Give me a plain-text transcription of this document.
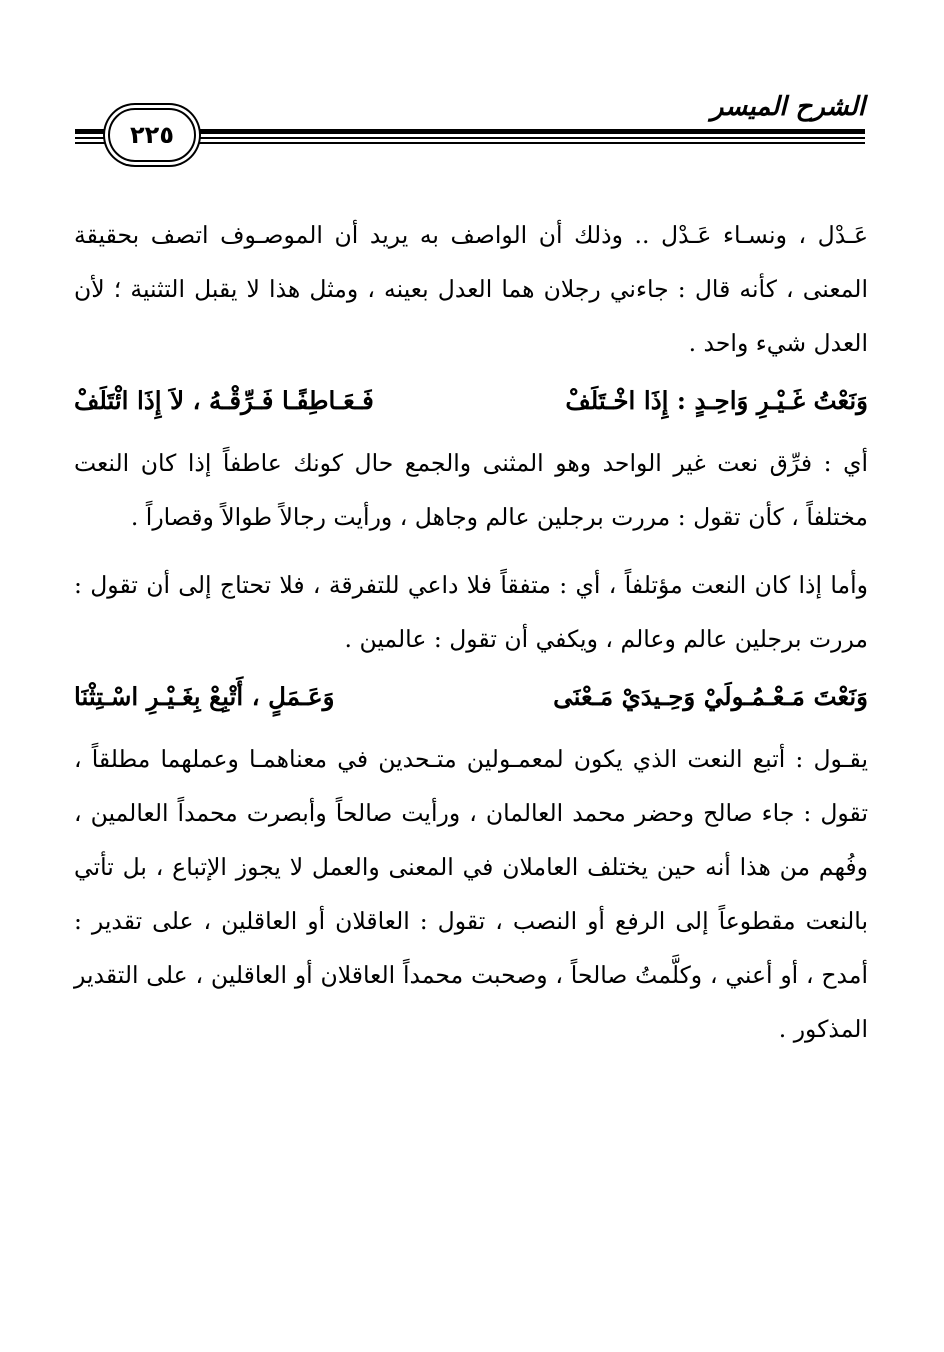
الشرح الميسر
٢٢٥

عَـدْل ، ونسـاء عَـدْل .. وذلك أن الواصف به يريد أن الموصـوف اتصف بحقيقة المعنى ، كأنه قال : جاءني رجلان هما العدل بعينه ، ومثل هذا لا يقبل التثنية ؛ لأن العدل شيء واحد .

وَنَعْتُ غَـيْـرِ وَاحِـدٍ : إِذَا اخْـتَلَفْ
فَـعَـاطِفًـا فَـرِّقْـهُ ، لاَ إِذَا ائْتَلَفْ

أي : فرِّق نعت غير الواحد وهو المثنى والجمع حال كونك عاطفاً إذا كان النعت مختلفاً ، كأن تقول : مررت برجلين عالم وجاهل ، ورأيت رجالاً طوالاً وقصاراً .

وأما إذا كان النعت مؤتلفاً ، أي : متفقاً فلا داعي للتفرقة ، فلا تحتاج إلى أن تقول : مررت برجلين عالم وعالم ، ويكفي أن تقول : عالمين .

وَنَعْتَ مَـعْـمُـولَيْ وَحِـيدَيْ مَـعْنَى
وَعَـمَلٍ ، أَتْبِعْ بِغَـيْـرِ اسْـتِثْنَا

يقـول : أتبع النعت الذي يكون لمعمـولين متـحدين في معناهمـا وعملهما مطلقاً ، تقول : جاء صالح وحضر محمد العالمان ، ورأيت صالحاً وأبصرت محمداً العالمين ، وفُهم من هذا أنه حين يختلف العاملان في المعنى والعمل لا يجوز الإتباع ، بل تأتي بالنعت مقطوعاً إلى الرفع أو النصب ، تقول : العاقلان أو العاقلين ، على تقدير : أمدح ، أو أعني ، وكلَّمتُ صالحاً ، وصحبت محمداً العاقلان أو العاقلين ، على التقدير المذكور .
